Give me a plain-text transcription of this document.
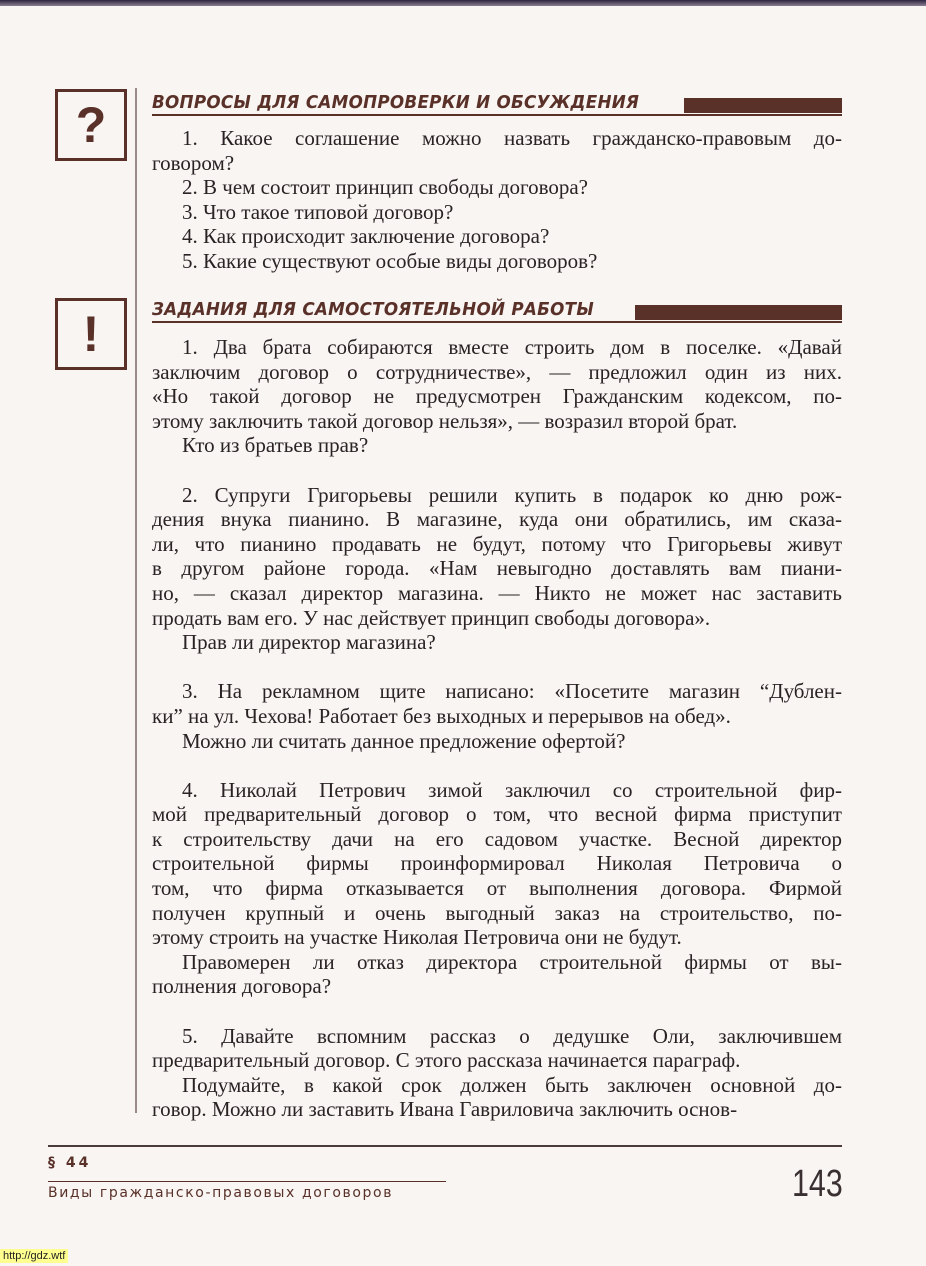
?	ВОПРОСЫ ДЛЯ САМОПРОВЕРКИ И ОБСУЖДЕНИЯ
1. Какое соглашение можно назвать гражданско-правовым до-
говором?
2. В чем состоит принцип свободы договора?
3. Что такое типовой договор?
4. Как происходит заключение договора?
5. Какие существуют особые виды договоров?
!	ЗАДАНИЯ ДЛЯ САМОСТОЯТЕЛЬНОЙ РАБОТЫ
1. Два брата собираются вместе строить дом в поселке. «Давай
заключим договор о сотрудничестве», — предложил один из них.
«Но такой договор не предусмотрен Гражданским кодексом, по-
этому заключить такой договор нельзя», — возразил второй брат.
Кто из братьев прав?
2. Супруги Григорьевы решили купить в подарок ко дню рож-
дения внука пианино. В магазине, куда они обратились, им сказа-
ли, что пианино продавать не будут, потому что Григорьевы живут
в другом районе города. «Нам невыгодно доставлять вам пиани-
но, — сказал директор магазина. — Никто не может нас заставить
продать вам его. У нас действует принцип свободы договора».
Прав ли директор магазина?
3. На рекламном щите написано: «Посетите магазин “Дублен-
ки” на ул. Чехова! Работает без выходных и перерывов на обед».
Можно ли считать данное предложение офертой?
4. Николай Петрович зимой заключил со строительной фир-
мой предварительный договор о том, что весной фирма приступит
к строительству дачи на его садовом участке. Весной директор
строительной фирмы проинформировал Николая Петровича о
том, что фирма отказывается от выполнения договора. Фирмой
получен крупный и очень выгодный заказ на строительство, по-
этому строить на участке Николая Петровича они не будут.
Правомерен ли отказ директора строительной фирмы от вы-
полнения договора?
5. Давайте вспомним рассказ о дедушке Оли, заключившем
предварительный договор. С этого рассказа начинается параграф.
Подумайте, в какой срок должен быть заключен основной до-
говор. Можно ли заставить Ивана Гавриловича заключить основ-
§ 44
Виды гражданско-правовых договоров	143
http://gdz.wtf
